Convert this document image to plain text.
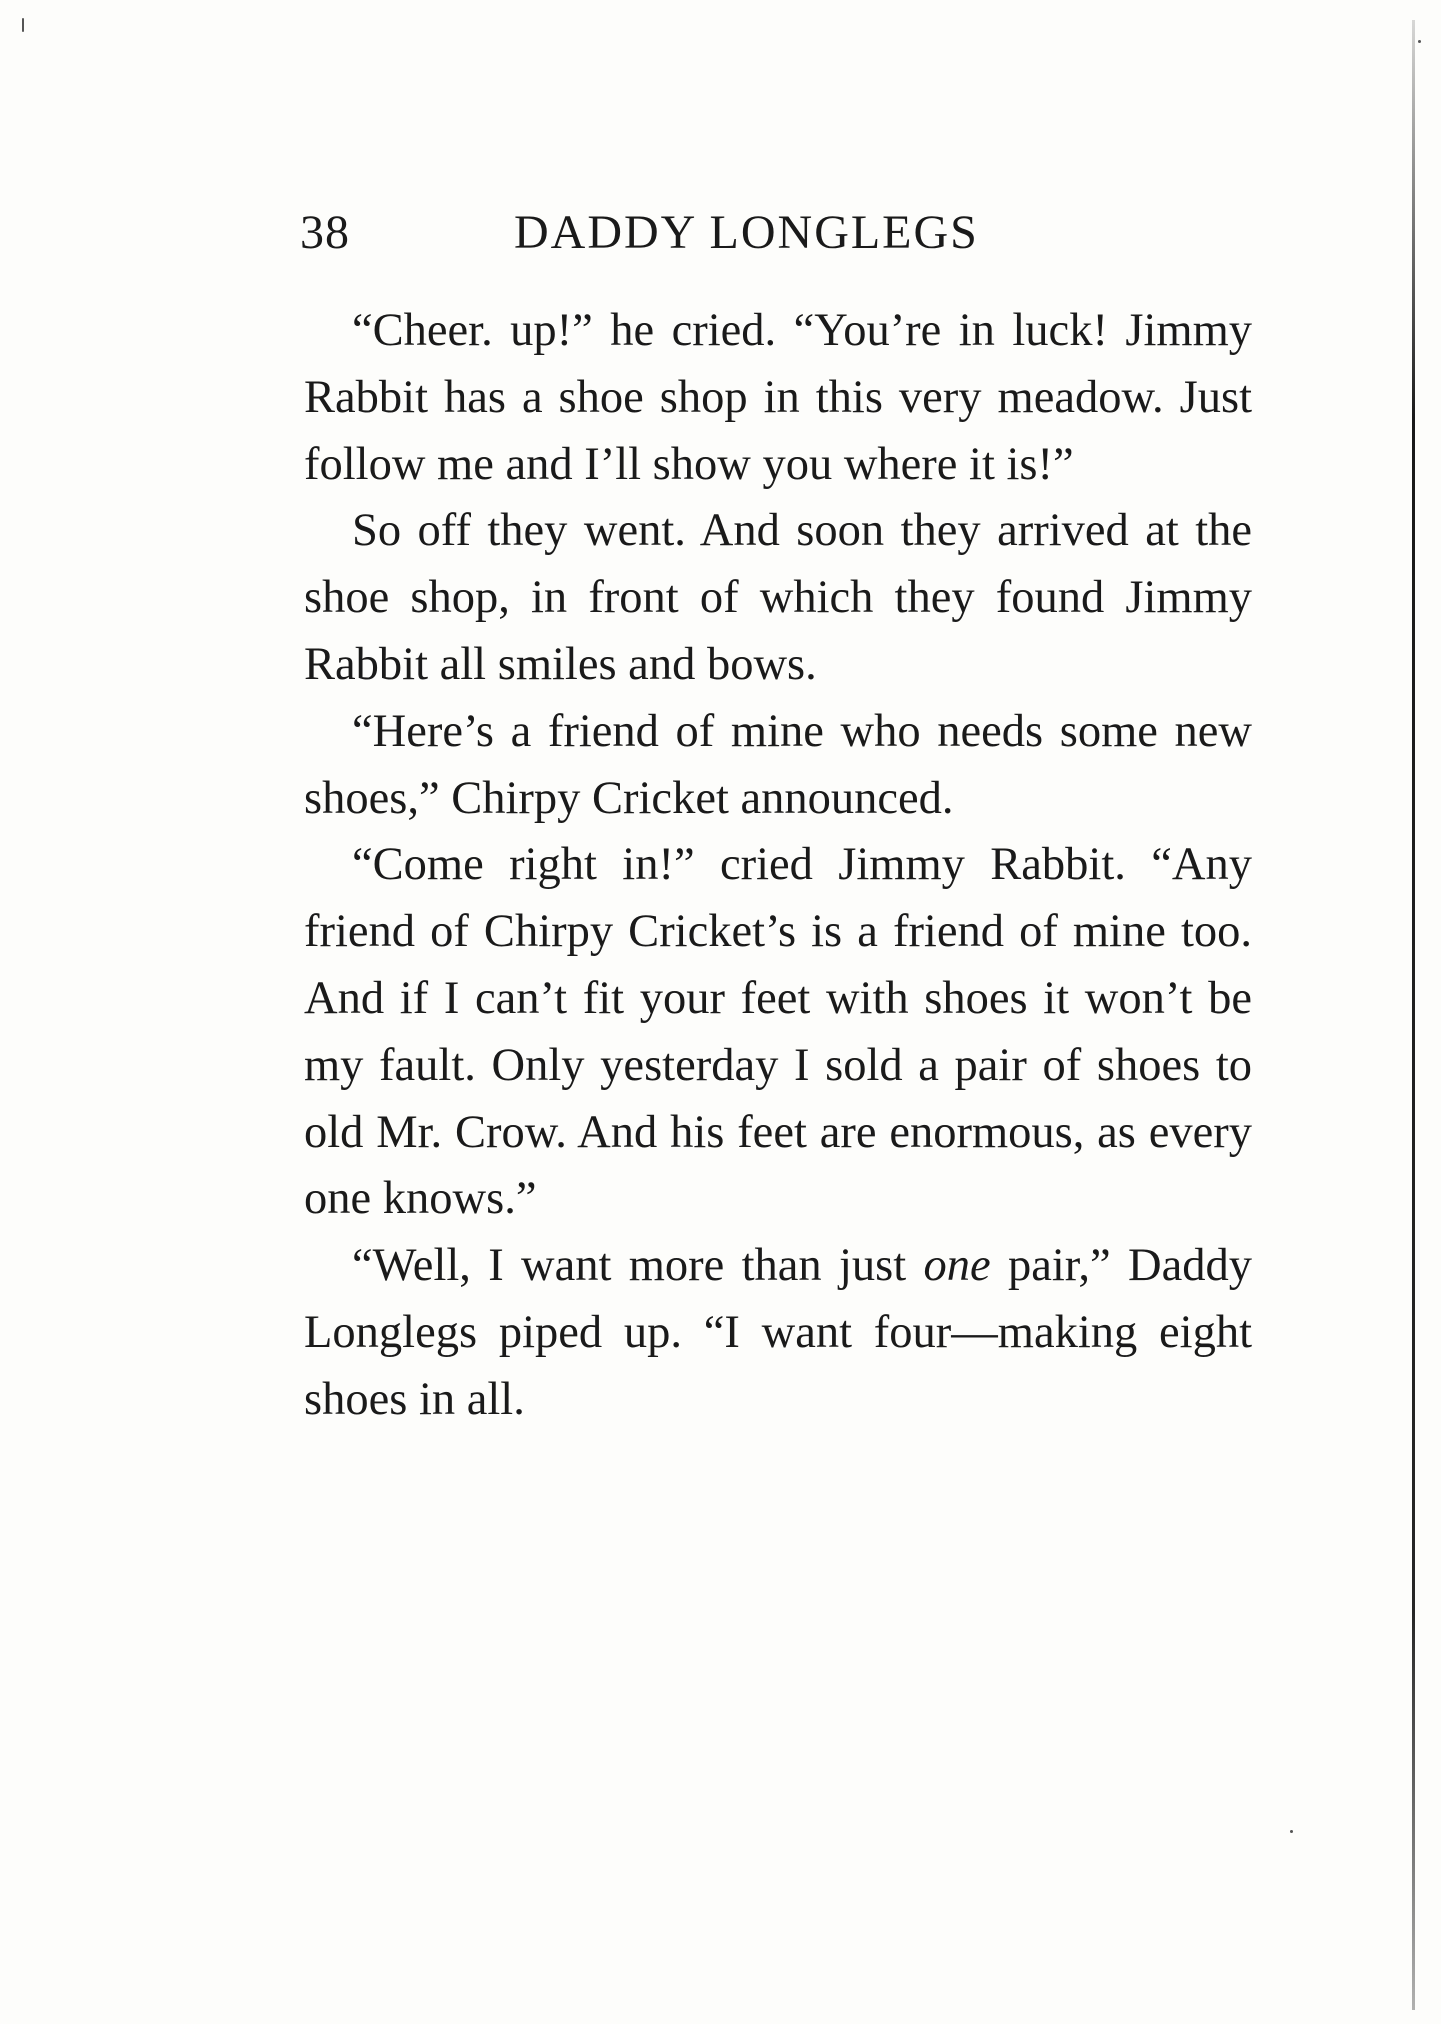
38	DADDY LONGLEGS

“Cheer. up!” he cried. “You’re in luck! Jimmy Rabbit has a shoe shop in this very meadow. Just follow me and I’ll show you where it is!”

So off they went. And soon they arrived at the shoe shop, in front of which they found Jimmy Rabbit all smiles and bows.

“Here’s a friend of mine who needs some new shoes,” Chirpy Cricket announced.

“Come right in!” cried Jimmy Rabbit. “Any friend of Chirpy Cricket’s is a friend of mine too. And if I can’t fit your feet with shoes it won’t be my fault. Only yesterday I sold a pair of shoes to old Mr. Crow. And his feet are enormous, as every one knows.”

“Well, I want more than just one pair,” Daddy Longlegs piped up. “I want four—making eight shoes in all.
